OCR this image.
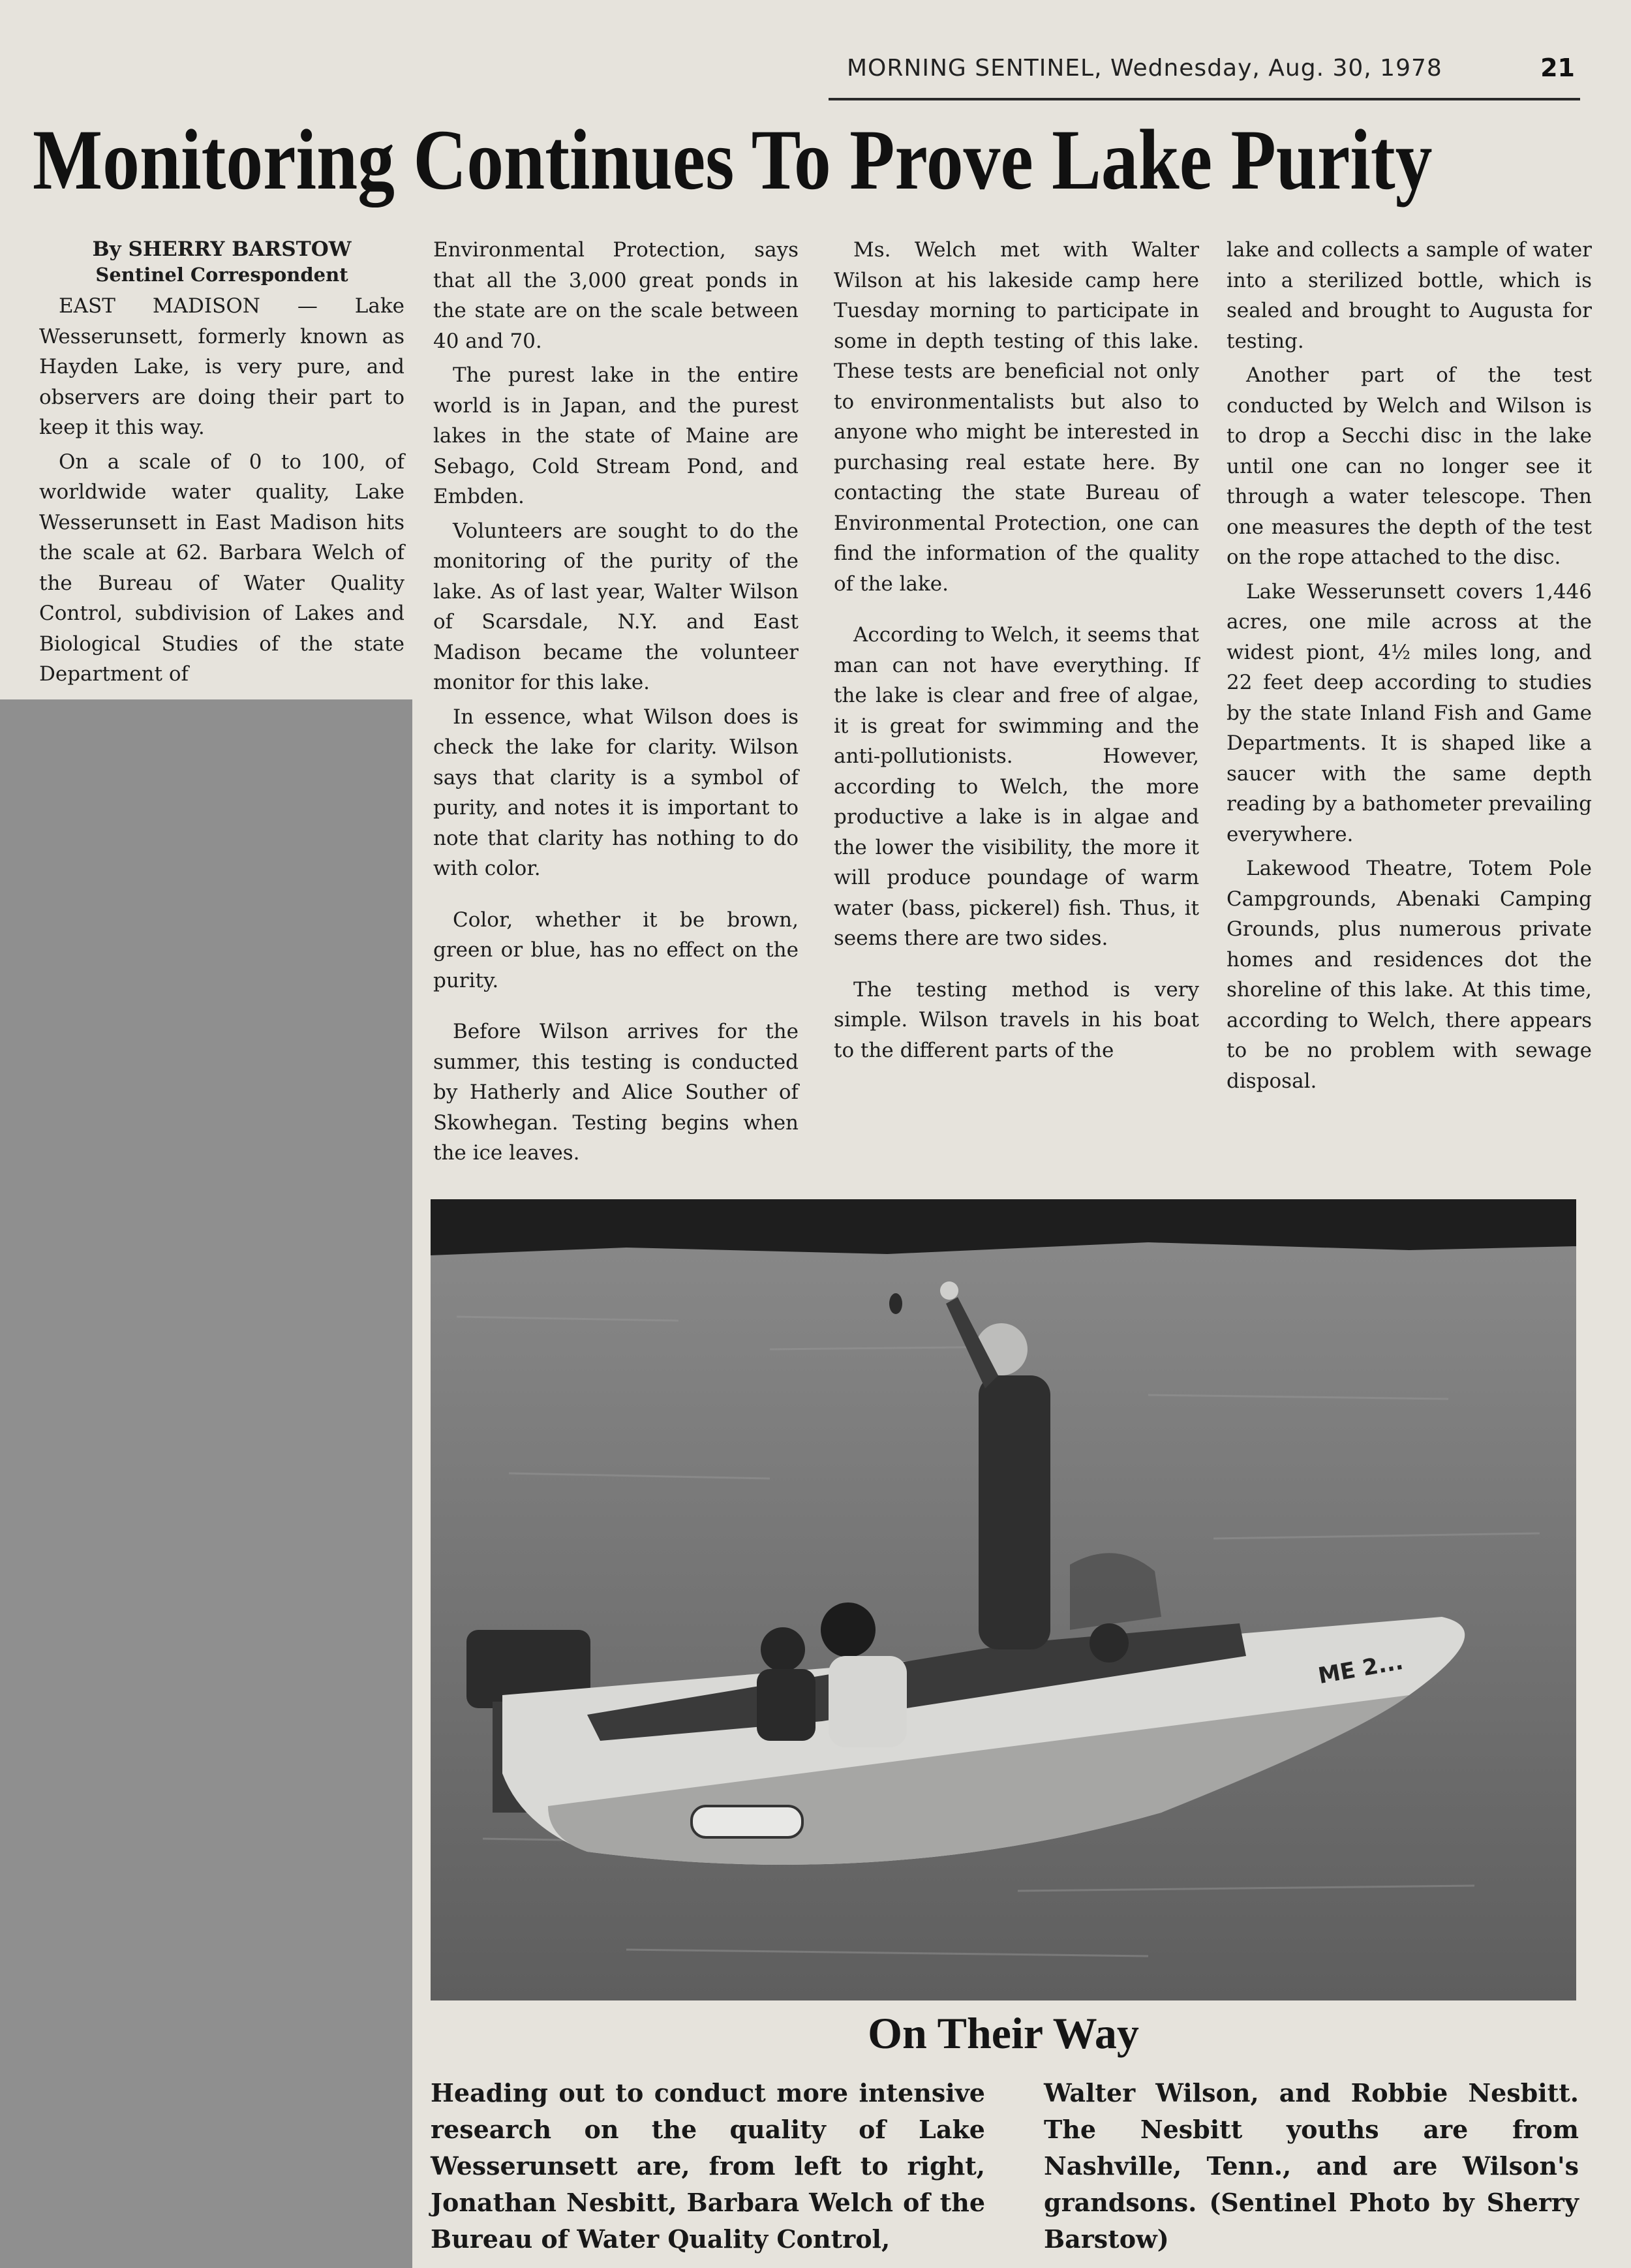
MORNING SENTINEL, Wednesday, Aug. 30, 1978	21
Monitoring Continues To Prove Lake Purity
By SHERRY BARSTOW
Sentinel Correspondent

EAST MADISON — Lake Wesserunsett, formerly known as Hayden Lake, is very pure, and observers are doing their part to keep it this way.

On a scale of 0 to 100, of worldwide water quality, Lake Wesserunsett in East Madison hits the scale at 62. Barbara Welch of the Bureau of Water Quality Control, subdivision of Lakes and Biological Studies of the state Department of

Environmental Protection, says that all the 3,000 great ponds in the state are on the scale between 40 and 70.

The purest lake in the entire world is in Japan, and the purest lakes in the state of Maine are Sebago, Cold Stream Pond, and Embden.

Volunteers are sought to do the monitoring of the purity of the lake. As of last year, Walter Wilson of Scarsdale, N.Y. and East Madison became the volunteer monitor for this lake.

In essence, what Wilson does is check the lake for clarity. Wilson says that clarity is a symbol of purity, and notes it is important to note that clarity has nothing to do with color.

Color, whether it be brown, green or blue, has no effect on the purity.

Before Wilson arrives for the summer, this testing is conducted by Hatherly and Alice Souther of Skowhegan. Testing begins when the ice leaves.

Ms. Welch met with Walter Wilson at his lakeside camp here Tuesday morning to participate in some in depth testing of this lake. These tests are beneficial not only to environmentalists but also to anyone who might be interested in purchasing real estate here. By contacting the state Bureau of Environmental Protection, one can find the information of the quality of the lake.

According to Welch, it seems that man can not have everything. If the lake is clear and free of algae, it is great for swimming and the anti-pollutionists. However, according to Welch, the more productive a lake is in algae and the lower the visibility, the more it will produce poundage of warm water (bass, pickerel) fish. Thus, it seems there are two sides.

The testing method is very simple. Wilson travels in his boat to the different parts of the

lake and collects a sample of water into a sterilized bottle, which is sealed and brought to Augusta for testing.

Another part of the test conducted by Welch and Wilson is to drop a Secchi disc in the lake until one can no longer see it through a water telescope. Then one measures the depth of the test on the rope attached to the disc.

Lake Wesserunsett covers 1,446 acres, one mile across at the widest piont, 4½ miles long, and 22 feet deep according to studies by the state Inland Fish and Game Departments. It is shaped like a saucer with the same depth reading by a bathometer prevailing everywhere.

Lakewood Theatre, Totem Pole Campgrounds, Abenaki Camping Grounds, plus numerous private homes and residences dot the shoreline of this lake. At this time, according to Welch, there appears to be no problem with sewage disposal.

ME 2...
On Their Way
Heading out to conduct more intensive research on the quality of Lake Wesserunsett are, from left to right, Jonathan Nesbitt, Barbara Welch of the Bureau of Water Quality Control,
Walter Wilson, and Robbie Nesbitt. The Nesbitt youths are from Nashville, Tenn., and are Wilson's grandsons. (Sentinel Photo by Sherry Barstow)
